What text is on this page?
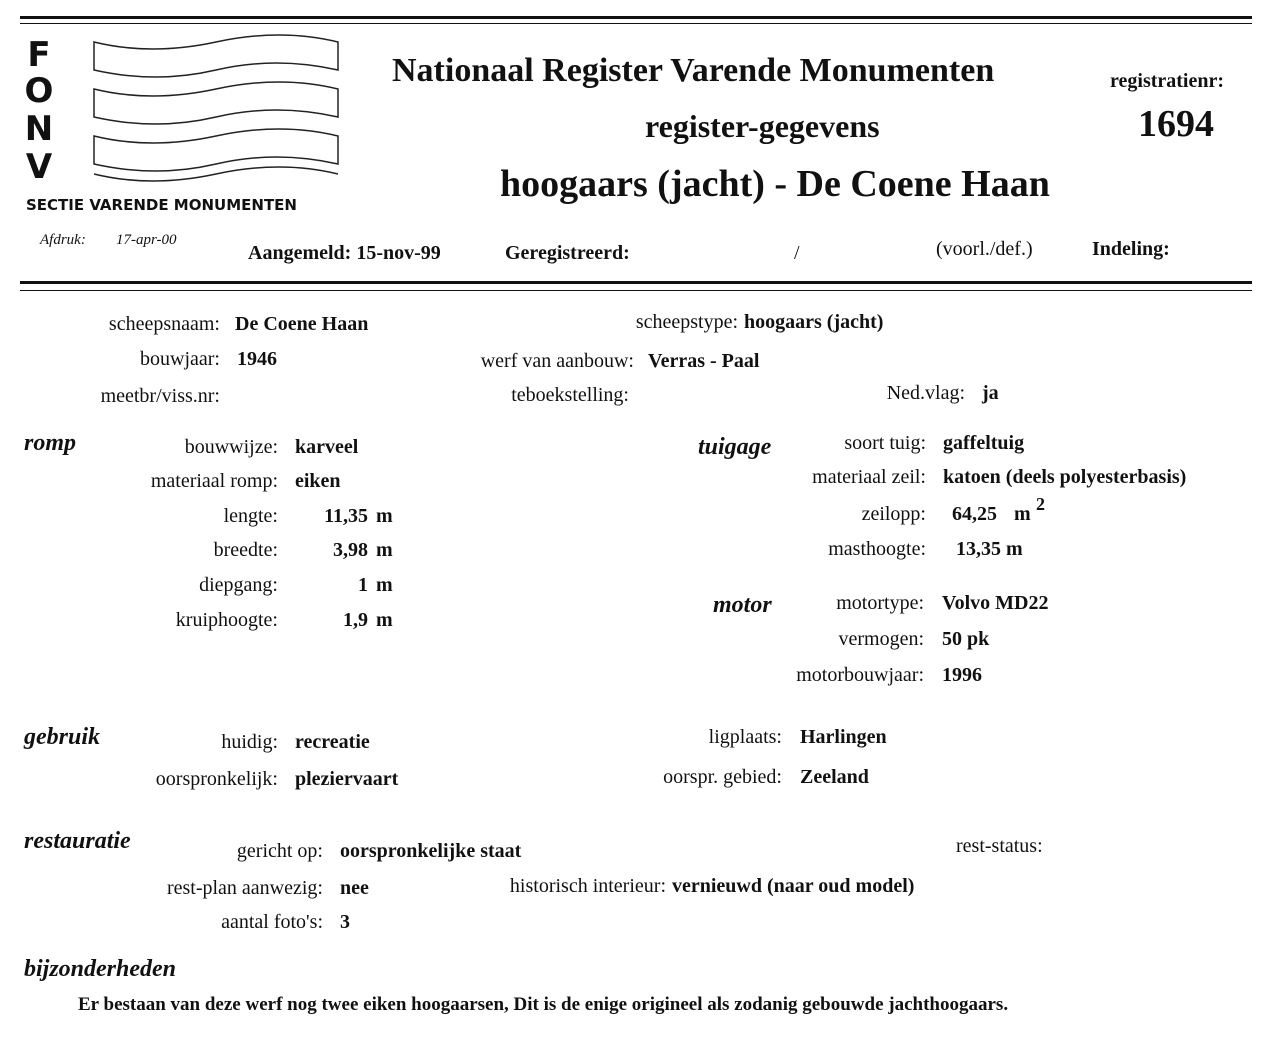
F
O
N
V
SECTIE VARENDE MONUMENTEN
Nationaal Register Varende Monumenten
register-gegevens
hoogaars (jacht) - De Coene Haan
registratienr:
1694
Afdruk: 17-apr-00
Aangemeld: 15-nov-99	Geregistreerd:	/	(voorl./def.)	Indeling:
scheepsnaam: De Coene Haan	scheepstype: hoogaars (jacht)
bouwjaar: 1946	werf van aanbouw: Verras - Paal
meetbr/viss.nr:	teboekstelling:	Ned.vlag: ja
romp	bouwwijze: karveel
materiaal romp: eiken
lengte: 11,35 m
breedte:	3,98 m
diepgang:	1 m
kruiphoogte:	1,9 m
tuigage	soort tuig: gaffeltuig
materiaal zeil: katoen (deels polyesterbasis)
zeilopp: 64,25 m 2
masthoogte: 13,35 m
motor	motortype: Volvo MD22
vermogen: 50 pk
motorbouwjaar: 1996
gebruik	huidig: recreatie
oorspronkelijk: pleziervaart
ligplaats: Harlingen
oorspr. gebied: Zeeland
restauratie	gericht op: oorspronkelijke staat	rest-status:
rest-plan aanwezig: nee	historisch interieur: vernieuwd (naar oud model)
aantal foto's: 3
bijzonderheden
Er bestaan van deze werf nog twee eiken hoogaarsen, Dit is de enige origineel als zodanig gebouwde jachthoogaars.
